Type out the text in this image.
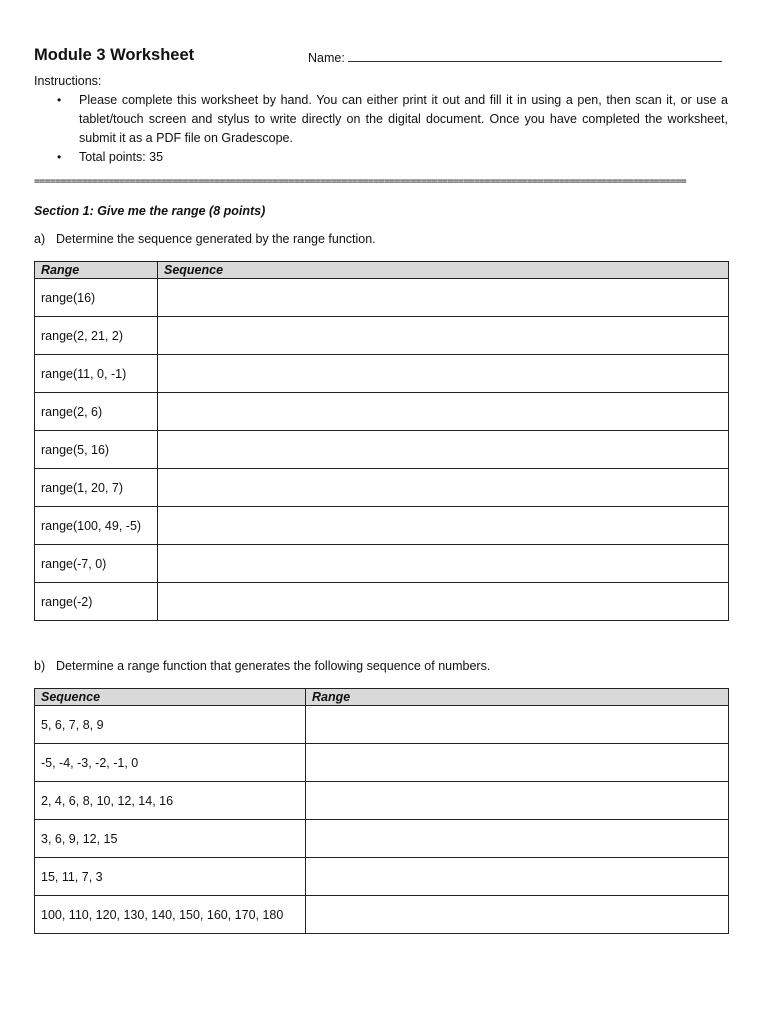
Module 3 Worksheet	Name:
Instructions:
• Please complete this worksheet by hand. You can either print it out and fill it in using a pen, then scan it, or use a tablet/touch screen and stylus to write directly on the digital document. Once you have completed the worksheet, submit it as a PDF file on Gradescope.
• Total points: 35
===========================================================================================================================
Section 1: Give me the range (8 points)
a) Determine the sequence generated by the range function.
Range	Sequence
range(16)	
range(2, 21, 2)	
range(11, 0, -1)	
range(2, 6)	
range(5, 16)	
range(1, 20, 7)	
range(100, 49, -5)	
range(-7, 0)	
range(-2)	
b) Determine a range function that generates the following sequence of numbers.
Sequence	Range
5, 6, 7, 8, 9	
-5, -4, -3, -2, -1, 0	
2, 4, 6, 8, 10, 12, 14, 16	
3, 6, 9, 12, 15	
15, 11, 7, 3	
100, 110, 120, 130, 140, 150, 160, 170, 180	
